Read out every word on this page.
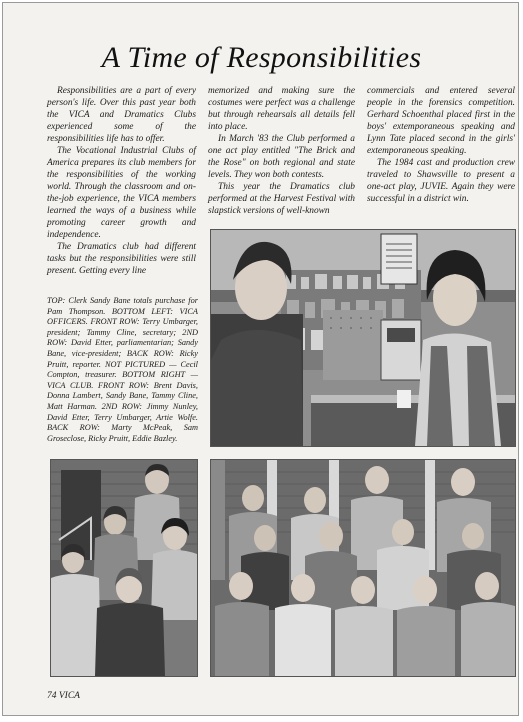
A Time of Responsibilities

Responsibilities are a part of every person's life. Over this past year both the VICA and Dramatics Clubs experienced some of the responsibilities life has to offer.

The Vocational Industrial Clubs of America prepares its club members for the responsibilities of the working world. Through the classroom and on-the-job experience, the VICA members learned the ways of a business while promoting career growth and independence.

The Dramatics club had different tasks but the responsibilities were still present. Getting every line

memorized and making sure the costumes were perfect was a challenge but through rehearsals all details fell into place.

In March '83 the Club performed a one act play entitled "The Brick and the Rose" on both regional and state levels. They won both contests.

This year the Dramatics club performed at the Harvest Festival with slapstick versions of well-known

commercials and entered several people in the forensics competition. Gerhard Schoenthal placed first in the boys' extemporaneous speaking and Lynn Tate placed second in the girls' extemporaneous speaking.

The 1984 cast and production crew traveled to Shawsville to present a one-act play, JUVIE. Again they were successful in a district win.

TOP: Clerk Sandy Bane totals purchase for Pam Thompson. BOTTOM LEFT: VICA OFFICERS. FRONT ROW: Terry Umbarger, president; Tammy Cline, secretary; 2ND ROW: David Etter, parliamentarian; Sandy Bane, vice-president; BACK ROW: Ricky Pruitt, reporter. NOT PICTURED — Cecil Compton, treasurer. BOTTOM RIGHT — VICA CLUB. FRONT ROW: Brent Davis, Donna Lambert, Sandy Bane, Tammy Cline, Matt Harman. 2ND ROW: Jimmy Nunley, David Etter, Terry Umbarger, Artie Wolfe. BACK ROW: Marty McPeak, Sam Groseclose, Ricky Pruitt, Eddie Bazley.
74 VICA
